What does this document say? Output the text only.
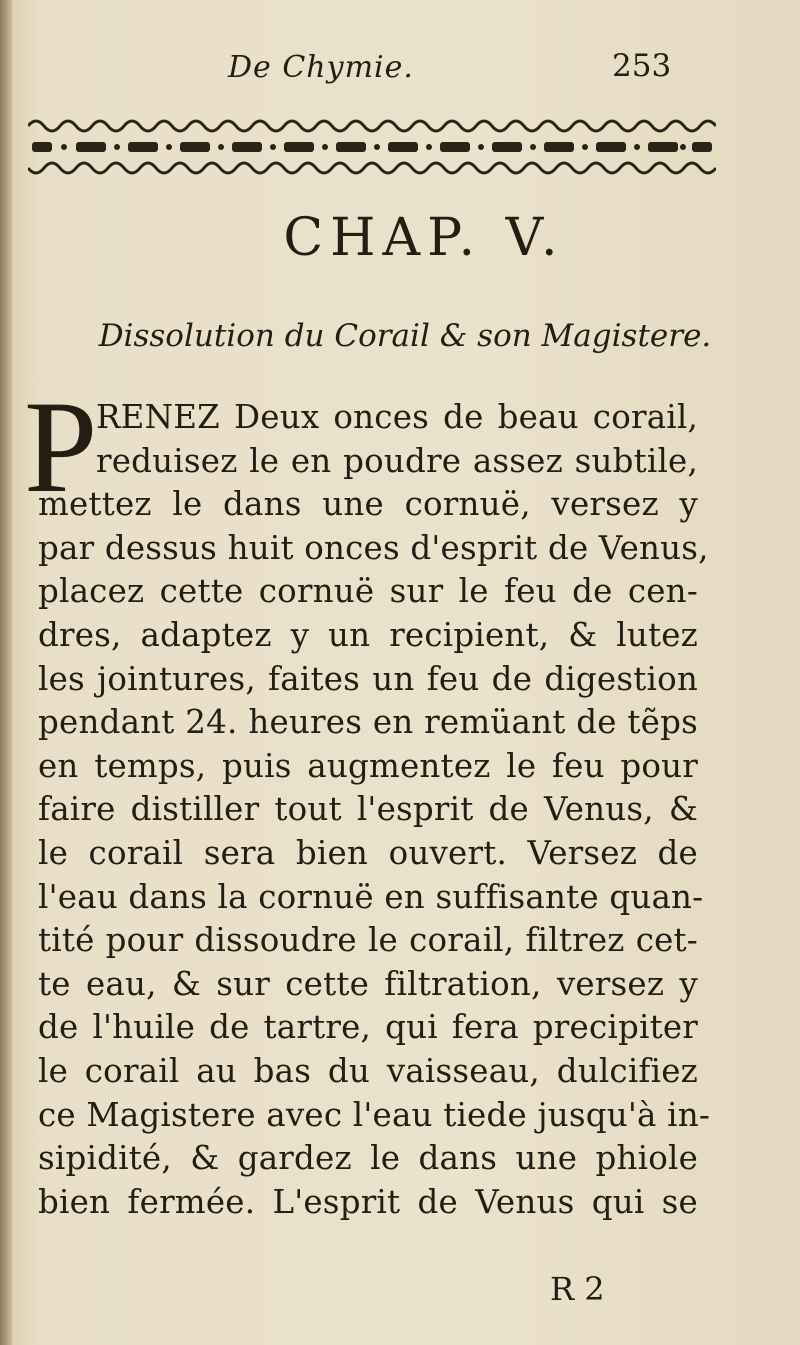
De Chymie.	253
CHAP. V.
Dissolution du Corail & son Magistere.
P
RENEZ Deux onces de beau corail,
reduisez le en poudre assez subtile,
mettez le dans une cornuë, versez y
par dessus huit onces d'esprit de Venus,
placez cette cornuë sur le feu de cen-
dres, adaptez y un recipient, & lutez
les jointures, faites un feu de digestion
pendant 24. heures en remüant de tẽps
en temps, puis augmentez le feu pour
faire distiller tout l'esprit de Venus, &
le corail sera bien ouvert. Versez de
l'eau dans la cornuë en suffisante quan-
tité pour dissoudre le corail, filtrez cet-
te eau, & sur cette filtration, versez y
de l'huile de tartre, qui fera precipiter
le corail au bas du vaisseau, dulcifiez
ce Magistere avec l'eau tiede jusqu'à in-
sipidité, & gardez le dans une phiole
bien fermée. L'esprit de Venus qui se
R 2
